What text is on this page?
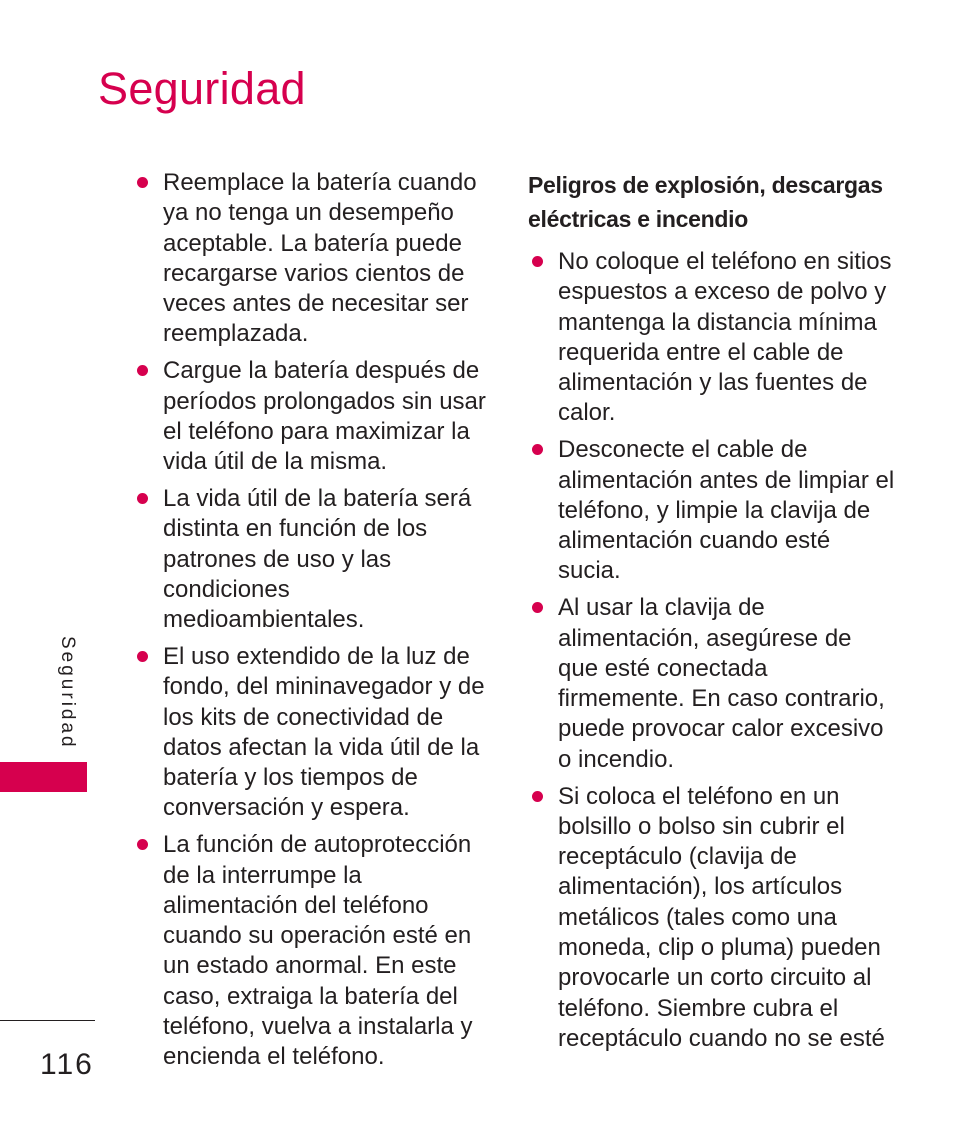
Seguridad
Reemplace la batería cuando ya no tenga un desempeño aceptable. La batería puede recargarse varios cientos de veces antes de necesitar ser reemplazada.
Cargue la batería después de períodos prolongados sin usar el teléfono para maximizar la vida útil de la misma.
La vida útil de la batería será distinta en función de los patrones de uso y las condiciones medioambientales.
El uso extendido de la luz de fondo, del mininavegador y de los kits de conectividad de datos afectan la vida útil de la batería y los tiempos de conversación y espera.
La función de autoprotección de la interrumpe la alimentación del teléfono cuando su operación esté en un estado anormal. En este caso, extraiga la batería del teléfono, vuelva a instalarla y encienda el teléfono.
Peligros de explosión, descargas eléctricas e incendio
No coloque el teléfono en sitios espuestos a exceso de polvo y mantenga la distancia mínima requerida entre el cable de alimentación y las fuentes de calor.
Desconecte el cable de alimentación antes de limpiar el teléfono, y limpie la clavija de alimentación cuando esté sucia.
Al usar la clavija de alimentación, asegúrese de que esté conectada firmemente. En caso contrario, puede provocar calor excesivo o incendio.
Si coloca el teléfono en un bolsillo o bolso sin cubrir el receptáculo (clavija de alimentación), los artículos metálicos (tales como una moneda, clip o pluma) pueden provocarle un corto circuito al teléfono. Siembre cubra el receptáculo cuando no se esté
Seguridad
116
